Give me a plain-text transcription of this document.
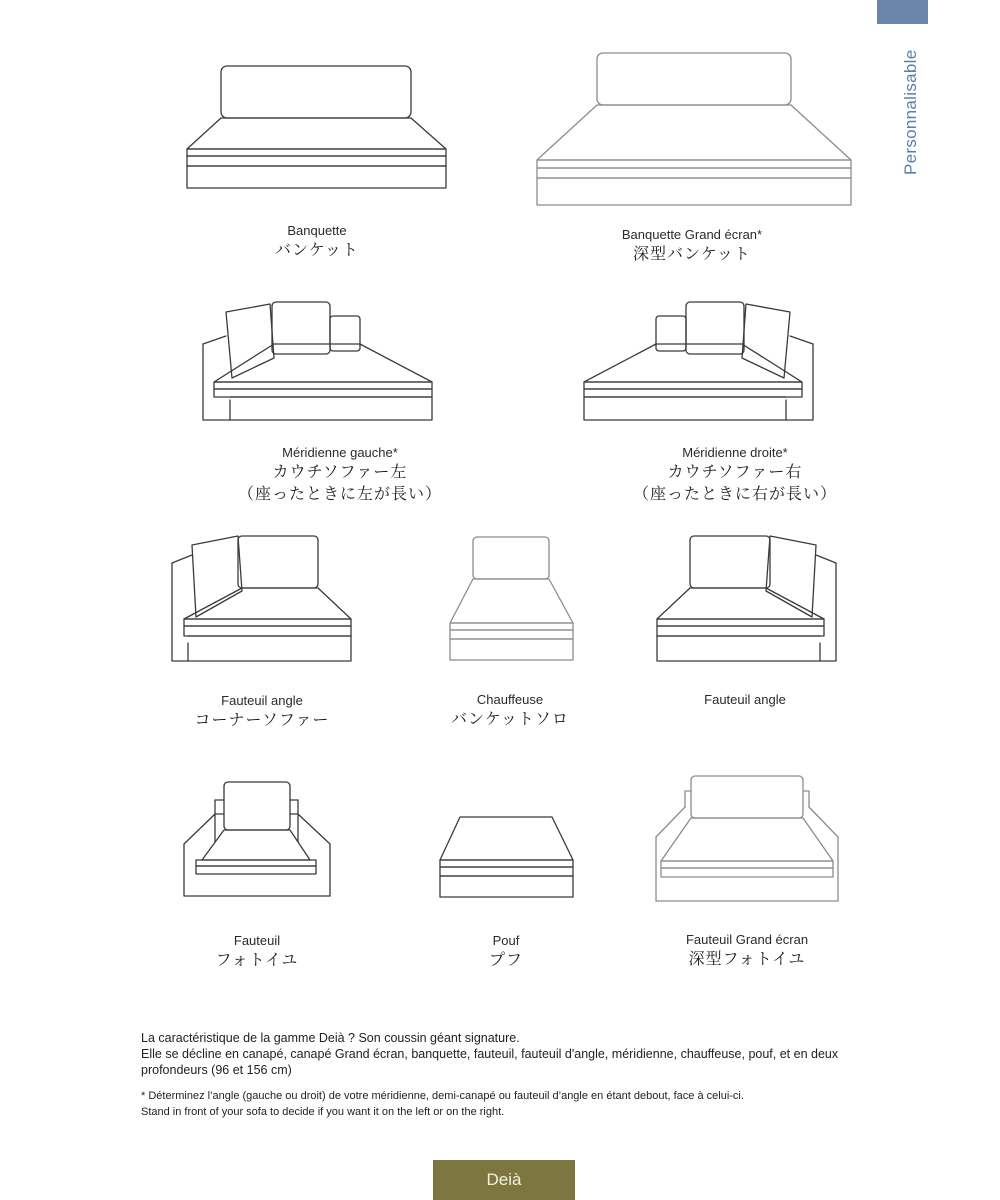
Personnalisable
Banquette
バンケット
Banquette Grand écran*
深型バンケット
Méridienne gauche*
カウチソファー左
（座ったときに左が長い）
Méridienne droite*
カウチソファー右
（座ったときに右が長い）
Fauteuil angle
コーナーソファー
Chauffeuse
バンケットソロ
Fauteuil angle
Fauteuil
フォトイユ
Pouf
プフ
Fauteuil Grand écran
深型フォトイユ

La caractéristique de la gamme Deià ? Son coussin géant signature.

Elle se décline en canapé, canapé Grand écran, banquette, fauteuil, fauteuil d'angle, méridienne, chauffeuse, pouf, et en deux profondeurs (96 et 156 cm)

* Déterminez l’angle (gauche ou droit) de votre méridienne, demi-canapé ou fauteuil d’angle en étant debout, face à celui-ci.

Stand in front of your sofa to decide if you want it on the left or on the right.

Deià
